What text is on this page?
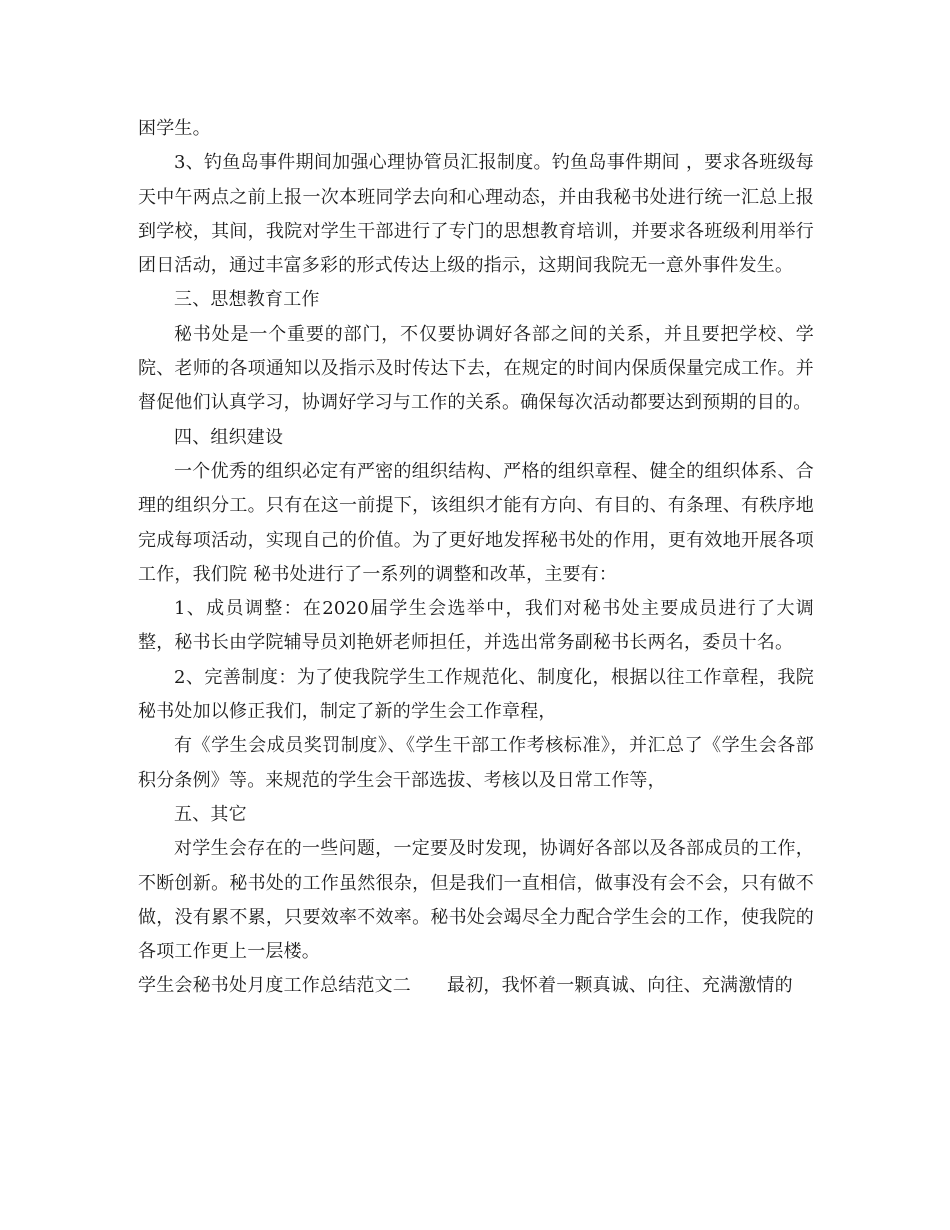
困学生。

3、钓鱼岛事件期间加强心理协管员汇报制度。钓鱼岛事件期间 ，要求各班级每天中午两点之前上报一次本班同学去向和心理动态，并由我秘书处进行统一汇总上报到学校，其间，我院对学生干部进行了专门的思想教育培训，并要求各班级利用举行团日活动，通过丰富多彩的形式传达上级的指示，这期间我院无一意外事件发生。

三、思想教育工作

秘书处是一个重要的部门，不仅要协调好各部之间的关系，并且要把学校、学院、老师的各项通知以及指示及时传达下去，在规定的时间内保质保量完成工作。并督促他们认真学习，协调好学习与工作的关系。确保每次活动都要达到预期的目的。

四、组织建设

一个优秀的组织必定有严密的组织结构、严格的组织章程、健全的组织体系、合理的组织分工。只有在这一前提下，该组织才能有方向、有目的、有条理、有秩序地完成每项活动，实现自己的价值。为了更好地发挥秘书处的作用，更有效地开展各项工作，我们院 秘书处进行了一系列的调整和改革，主要有：

1、成员调整：在2020届学生会选举中，我们对秘书处主要成员进行了大调整，秘书长由学院辅导员刘艳妍老师担任，并选出常务副秘书长两名，委员十名。

2、完善制度：为了使我院学生工作规范化、制度化，根据以往工作章程，我院秘书处加以修正我们，制定了新的学生会工作章程，

有《学生会成员奖罚制度》、《学生干部工作考核标准》，并汇总了《学生会各部积分条例》等。来规范的学生会干部选拔、考核以及日常工作等，

五、其它

对学生会存在的一些问题，一定要及时发现，协调好各部以及各部成员的工作，不断创新。秘书处的工作虽然很杂，但是我们一直相信，做事没有会不会，只有做不做，没有累不累，只要效率不效率。秘书处会竭尽全力配合学生会的工作，使我院的各项工作更上一层楼。

学生会秘书处月度工作总结范文二 最初，我怀着一颗真诚、向往、充满激情的
